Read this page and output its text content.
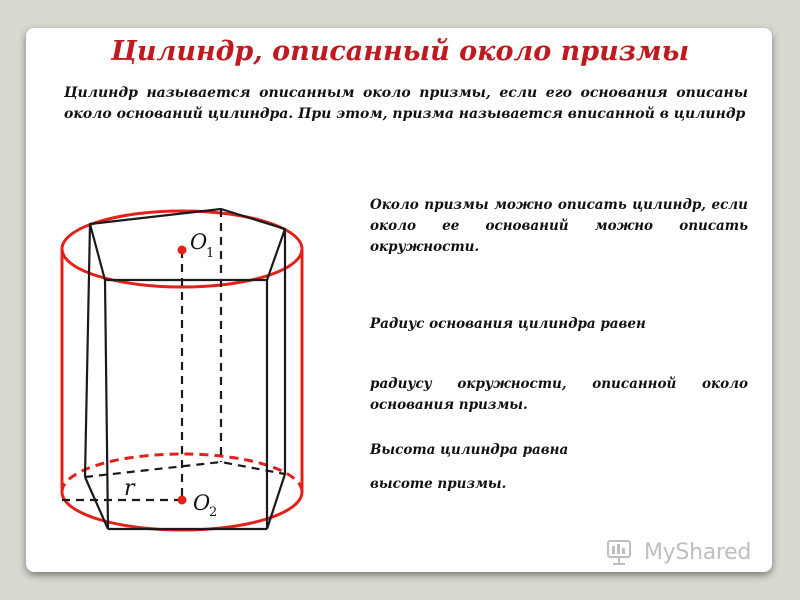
Цилиндр, описанный около призмы

Цилиндр называется описанным около призмы, если его основания описаны около оснований цилиндра. При этом, призма называется вписанной в цилиндр

Около призмы можно описать цилиндр, если около ее оснований можно описать окружности.

Радиус основания цилиндра равен

радиусу окружности, описанной около основания призмы.

Высота цилиндра равна

высоте призмы.

O
1
O
2
r
MyShared
